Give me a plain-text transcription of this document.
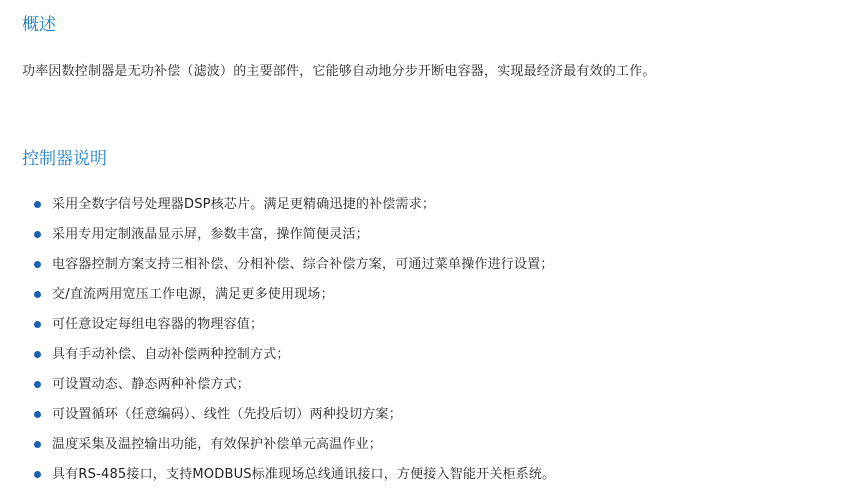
概述

功率因数控制器是无功补偿（滤波）的主要部件，它能够自动地分步开断电容器，实现最经济最有效的工作。

控制器说明
采用全数字信号处理器DSP核芯片。满足更精确迅捷的补偿需求；
采用专用定制液晶显示屏，参数丰富，操作简便灵活；
电容器控制方案支持三相补偿、分相补偿、综合补偿方案，可通过菜单操作进行设置；
交/直流两用宽压工作电源，满足更多使用现场；
可任意设定每组电容器的物理容值；
具有手动补偿、自动补偿两种控制方式；
可设置动态、静态两种补偿方式；
可设置循环（任意编码）、线性（先投后切）两种投切方案；
温度采集及温控输出功能，有效保护补偿单元高温作业；
具有RS-485接口，支持MODBUS标准现场总线通讯接口，方便接入智能开关柜系统。
